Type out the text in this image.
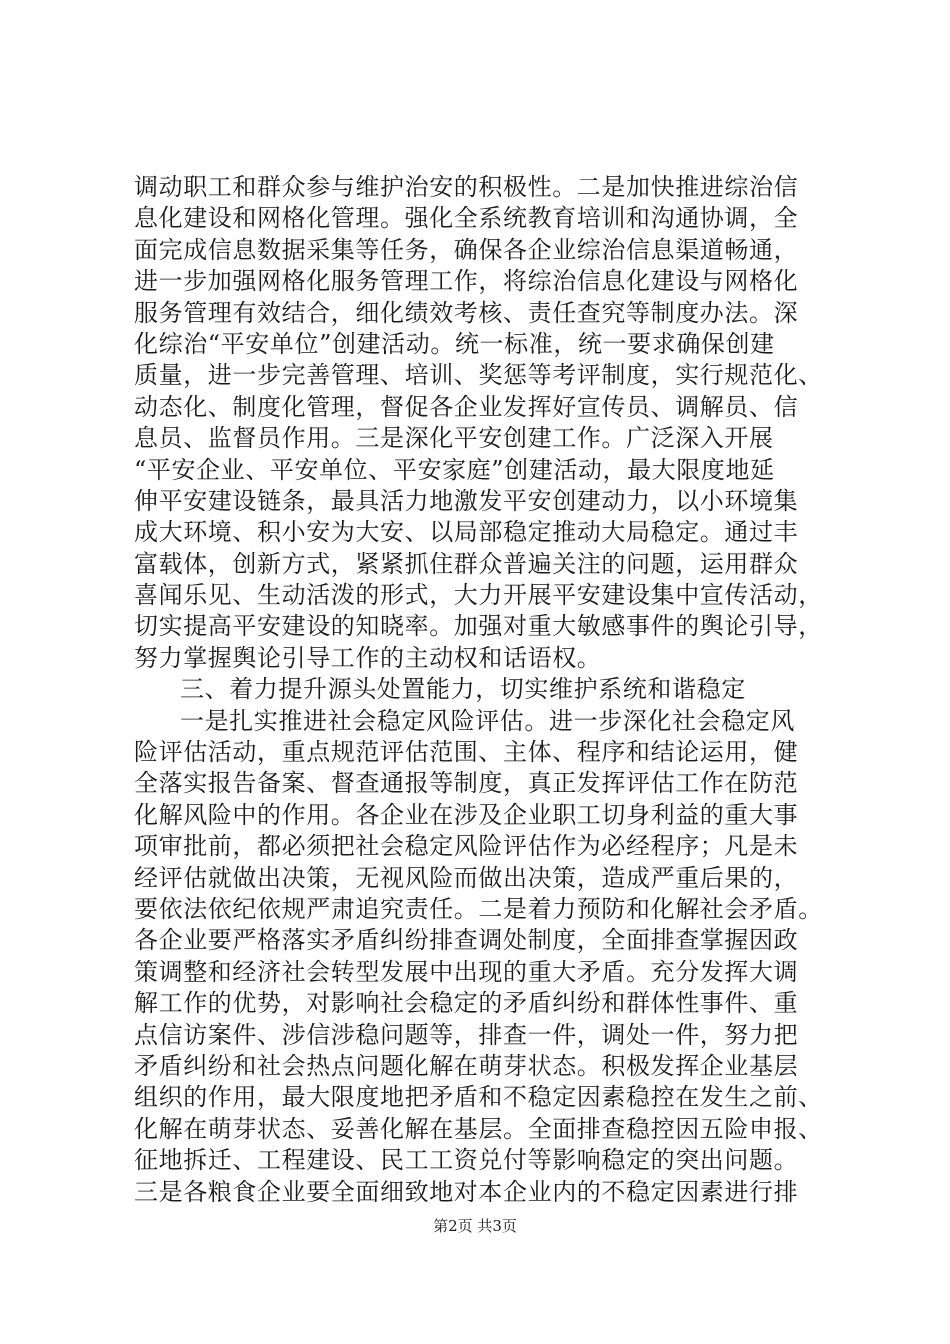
调动职工和群众参与维护治安的积极性。二是加快推进综治信
息化建设和网格化管理。强化全系统教育培训和沟通协调，全
面完成信息数据采集等任务，确保各企业综治信息渠道畅通，
进一步加强网格化服务管理工作，将综治信息化建设与网格化
服务管理有效结合，细化绩效考核、责任查究等制度办法。深
化综治“平安单位”创建活动。统一标准，统一要求确保创建
质量，进一步完善管理、培训、奖惩等考评制度，实行规范化、
动态化、制度化管理，督促各企业发挥好宣传员、调解员、信
息员、监督员作用。三是深化平安创建工作。广泛深入开展
“平安企业、平安单位、平安家庭”创建活动，最大限度地延
伸平安建设链条，最具活力地激发平安创建动力，以小环境集
成大环境、积小安为大安、以局部稳定推动大局稳定。通过丰
富载体，创新方式，紧紧抓住群众普遍关注的问题，运用群众
喜闻乐见、生动活泼的形式，大力开展平安建设集中宣传活动，
切实提高平安建设的知晓率。加强对重大敏感事件的舆论引导，
努力掌握舆论引导工作的主动权和话语权。
三、着力提升源头处置能力，切实维护系统和谐稳定
一是扎实推进社会稳定风险评估。进一步深化社会稳定风
险评估活动，重点规范评估范围、主体、程序和结论运用，健
全落实报告备案、督查通报等制度，真正发挥评估工作在防范
化解风险中的作用。各企业在涉及企业职工切身利益的重大事
项审批前，都必须把社会稳定风险评估作为必经程序；凡是未
经评估就做出决策，无视风险而做出决策，造成严重后果的，
要依法依纪依规严肃追究责任。二是着力预防和化解社会矛盾。
各企业要严格落实矛盾纠纷排查调处制度，全面排查掌握因政
策调整和经济社会转型发展中出现的重大矛盾。充分发挥大调
解工作的优势，对影响社会稳定的矛盾纠纷和群体性事件、重
点信访案件、涉信涉稳问题等，排查一件，调处一件，努力把
矛盾纠纷和社会热点问题化解在萌芽状态。积极发挥企业基层
组织的作用，最大限度地把矛盾和不稳定因素稳控在发生之前、
化解在萌芽状态、妥善化解在基层。全面排查稳控因五险申报、
征地拆迁、工程建设、民工工资兑付等影响稳定的突出问题。
三是各粮食企业要全面细致地对本企业内的不稳定因素进行排
第2页 共3页
